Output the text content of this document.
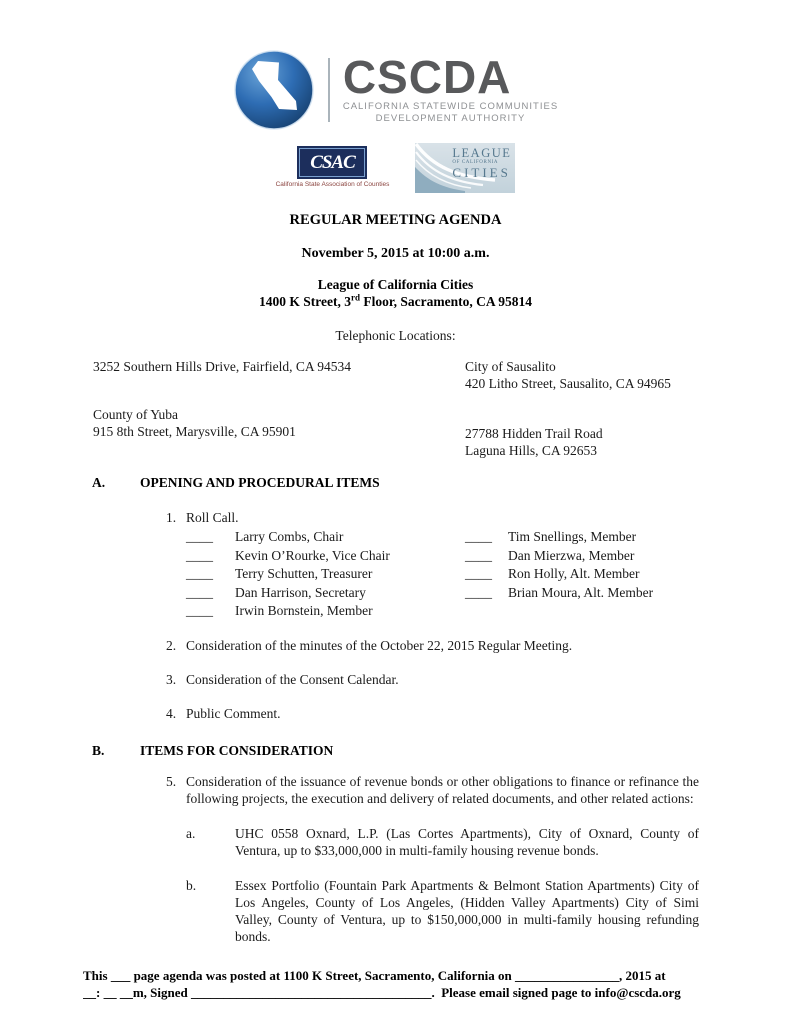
CSCDA
CALIFORNIA STATEWIDE COMMUNITIES
DEVELOPMENT AUTHORITY
CSAC
California State Association of Counties
LEAGUE
OF CALIFORNIA
CITIES
REGULAR MEETING AGENDA
November 5, 2015 at 10:00 a.m.
League of California Cities
1400 K Street, 3rd Floor, Sacramento, CA 95814
Telephonic Locations:
3252 Southern Hills Drive, Fairfield, CA 94534	City of Sausalito
420 Litho Street, Sausalito, CA 94965
County of Yuba
915 8th Street, Marysville, CA 95901	27788 Hidden Trail Road
Laguna Hills, CA 92653
A.	OPENING AND PROCEDURAL ITEMS
1. Roll Call.
____ Larry Combs, Chair	____ Tim Snellings, Member
____ Kevin O’Rourke, Vice Chair	____ Dan Mierzwa, Member
____ Terry Schutten, Treasurer	____ Ron Holly, Alt. Member
____ Dan Harrison, Secretary	____ Brian Moura, Alt. Member
____ Irwin Bornstein, Member
2. Consideration of the minutes of the October 22, 2015 Regular Meeting.
3. Consideration of the Consent Calendar.
4. Public Comment.
B.	ITEMS FOR CONSIDERATION
5. Consideration of the issuance of revenue bonds or other obligations to finance or refinance the following projects, the execution and delivery of related documents, and other related actions:
a.	UHC 0558 Oxnard, L.P. (Las Cortes Apartments), City of Oxnard, County of Ventura, up to $33,000,000 in multi-family housing revenue bonds.
b.	Essex Portfolio (Fountain Park Apartments & Belmont Station Apartments) City of Los Angeles, County of Los Angeles, (Hidden Valley Apartments) City of Simi Valley, County of Ventura, up to $150,000,000 in multi-family housing refunding bonds.
This ___ page agenda was posted at 1100 K Street, Sacramento, California on ________________, 2015 at
__: __ __m, Signed _____________________________________.  Please email signed page to info@cscda.org
